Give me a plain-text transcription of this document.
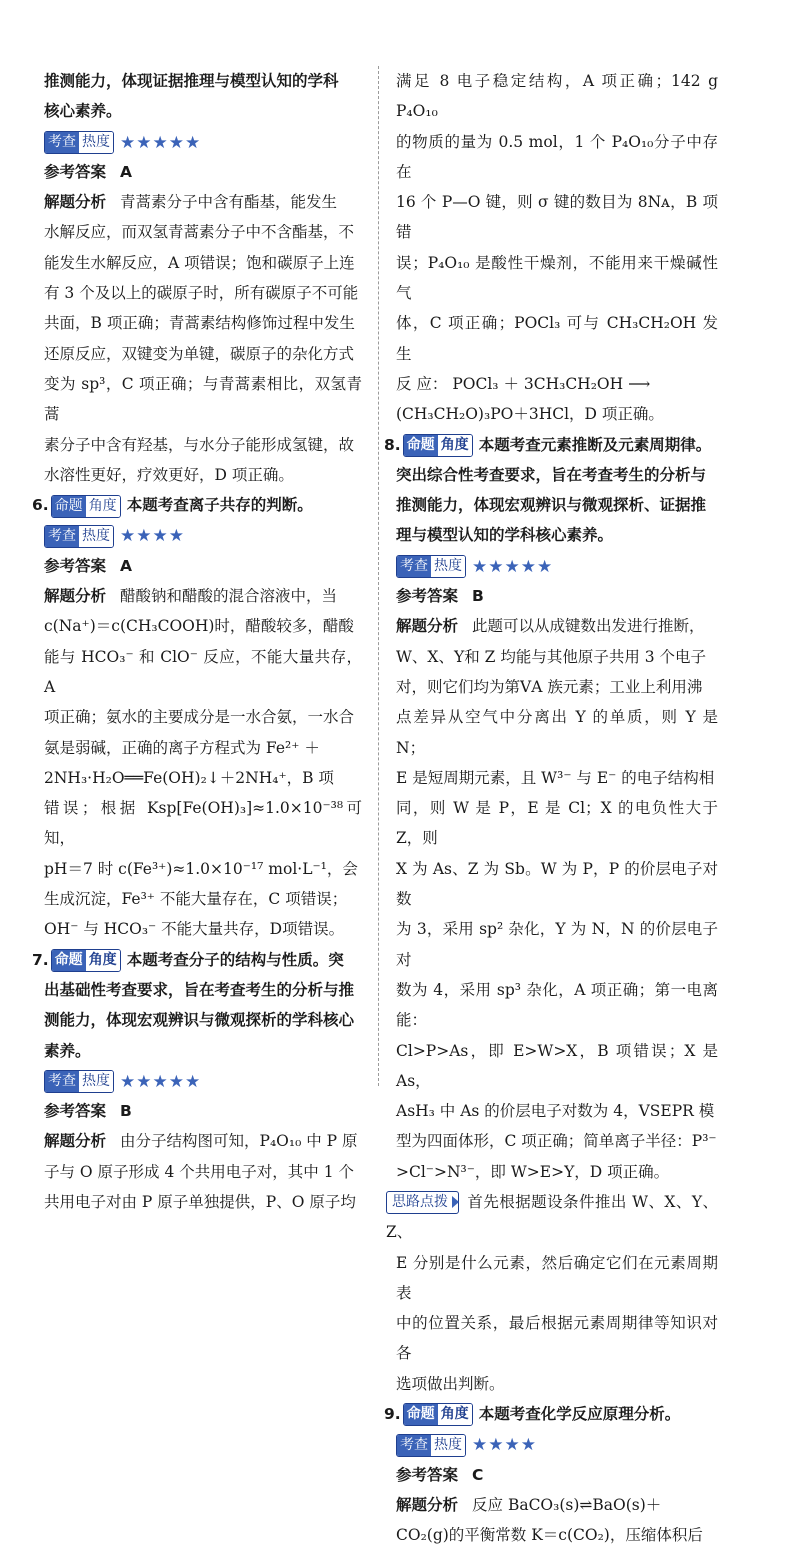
推测能力，体现证据推理与模型认知的学科
核心素养。
考查 热度 ★★★★★
参考答案 A
解题分析 青蒿素分子中含有酯基，能发生
水解反应，而双氢青蒿素分子中不含酯基，不
能发生水解反应，A 项错误；饱和碳原子上连
有 3 个及以上的碳原子时，所有碳原子不可能
共面，B 项正确；青蒿素结构修饰过程中发生
还原反应，双键变为单键，碳原子的杂化方式
变为 sp³，C 项正确；与青蒿素相比，双氢青蒿
素分子中含有羟基，与水分子能形成氢键，故
水溶性更好，疗效更好，D 项正确。
6. 命题 角度 本题考查离子共存的判断。
考查 热度 ★★★★
参考答案 A
解题分析 醋酸钠和醋酸的混合溶液中，当
c(Na⁺)＝c(CH₃COOH)时，醋酸较多，醋酸
能与 HCO₃⁻ 和 ClO⁻ 反应，不能大量共存，A
项正确；氨水的主要成分是一水合氨，一水合
氨是弱碱，正确的离子方程式为 Fe²⁺ ＋
2NH₃·H₂O══Fe(OH)₂↓＋2NH₄⁺，B 项
错误；根据 Ksp[Fe(OH)₃]≈1.0×10⁻³⁸可知，
pH＝7 时 c(Fe³⁺)≈1.0×10⁻¹⁷ mol·L⁻¹，会
生成沉淀，Fe³⁺ 不能大量存在，C 项错误；
OH⁻ 与 HCO₃⁻ 不能大量共存，D项错误。
7. 命题 角度 本题考查分子的结构与性质。突
出基础性考查要求，旨在考查考生的分析与推
测能力，体现宏观辨识与微观探析的学科核心
素养。
考查 热度 ★★★★★
参考答案 B
解题分析 由分子结构图可知，P₄O₁₀ 中 P 原
子与 O 原子形成 4 个共用电子对，其中 1 个
共用电子对由 P 原子单独提供，P、O 原子均
满足 8 电子稳定结构，A 项正确；142 g P₄O₁₀
的物质的量为 0.5 mol，1 个 P₄O₁₀分子中存在
16 个 P—O 键，则 σ 键的数目为 8Nᴀ，B 项错
误；P₄O₁₀ 是酸性干燥剂，不能用来干燥碱性气
体，C 项正确；POCl₃ 可与 CH₃CH₂OH 发生
反 应： POCl₃ ＋ 3CH₃CH₂OH ⟶
(CH₃CH₂O)₃PO＋3HCl，D 项正确。
8. 命题 角度 本题考查元素推断及元素周期律。
突出综合性考查要求，旨在考查考生的分析与
推测能力，体现宏观辨识与微观探析、证据推
理与模型认知的学科核心素养。
考查 热度 ★★★★★
参考答案 B
解题分析 此题可以从成键数出发进行推断，
W、X、Y和 Z 均能与其他原子共用 3 个电子
对，则它们均为第ⅤA 族元素；工业上利用沸
点差异从空气中分离出 Y 的单质，则 Y 是 N；
E 是短周期元素，且 W³⁻ 与 E⁻ 的电子结构相
同，则 W 是 P，E 是 Cl；X 的电负性大于 Z，则
X 为 As、Z 为 Sb。W 为 P，P 的价层电子对数
为 3，采用 sp² 杂化，Y 为 N，N 的价层电子对
数为 4，采用 sp³ 杂化，A 项正确；第一电离能：
Cl>P>As，即 E>W>X，B 项错误；X 是 As，
AsH₃ 中 As 的价层电子对数为 4，VSEPR 模
型为四面体形，C 项正确；简单离子半径：P³⁻
>Cl⁻>N³⁻，即 W>E>Y，D 项正确。
思路点拨 首先根据题设条件推出 W、X、Y、Z、
E 分别是什么元素，然后确定它们在元素周期表
中的位置关系，最后根据元素周期律等知识对各
选项做出判断。
9. 命题 角度 本题考查化学反应原理分析。
考查 热度 ★★★★
参考答案 C
解题分析 反应 BaCO₃(s)⇌BaO(s)＋
CO₂(g)的平衡常数 K＝c(CO₂)，压缩体积后
